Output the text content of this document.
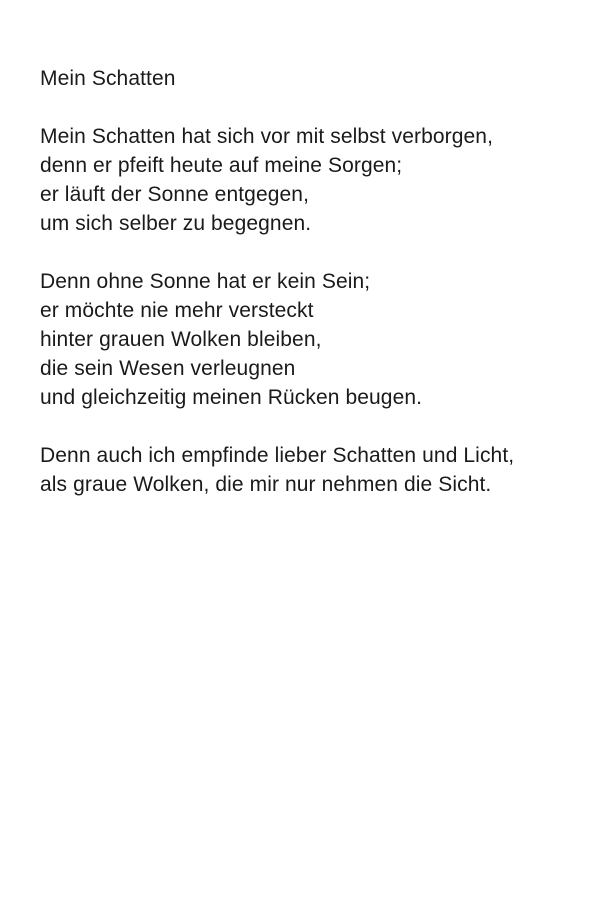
Mein Schatten
Mein Schatten hat sich vor mit selbst verborgen,
denn er pfeift heute auf meine Sorgen;
er läuft der Sonne entgegen,
um sich selber zu begegnen.
Denn ohne Sonne hat er kein Sein;
er möchte nie mehr versteckt
hinter grauen Wolken bleiben,
die sein Wesen verleugnen
und gleichzeitig meinen Rücken beugen.
Denn auch ich empfinde lieber Schatten und Licht,
als graue Wolken, die mir nur nehmen die Sicht.
